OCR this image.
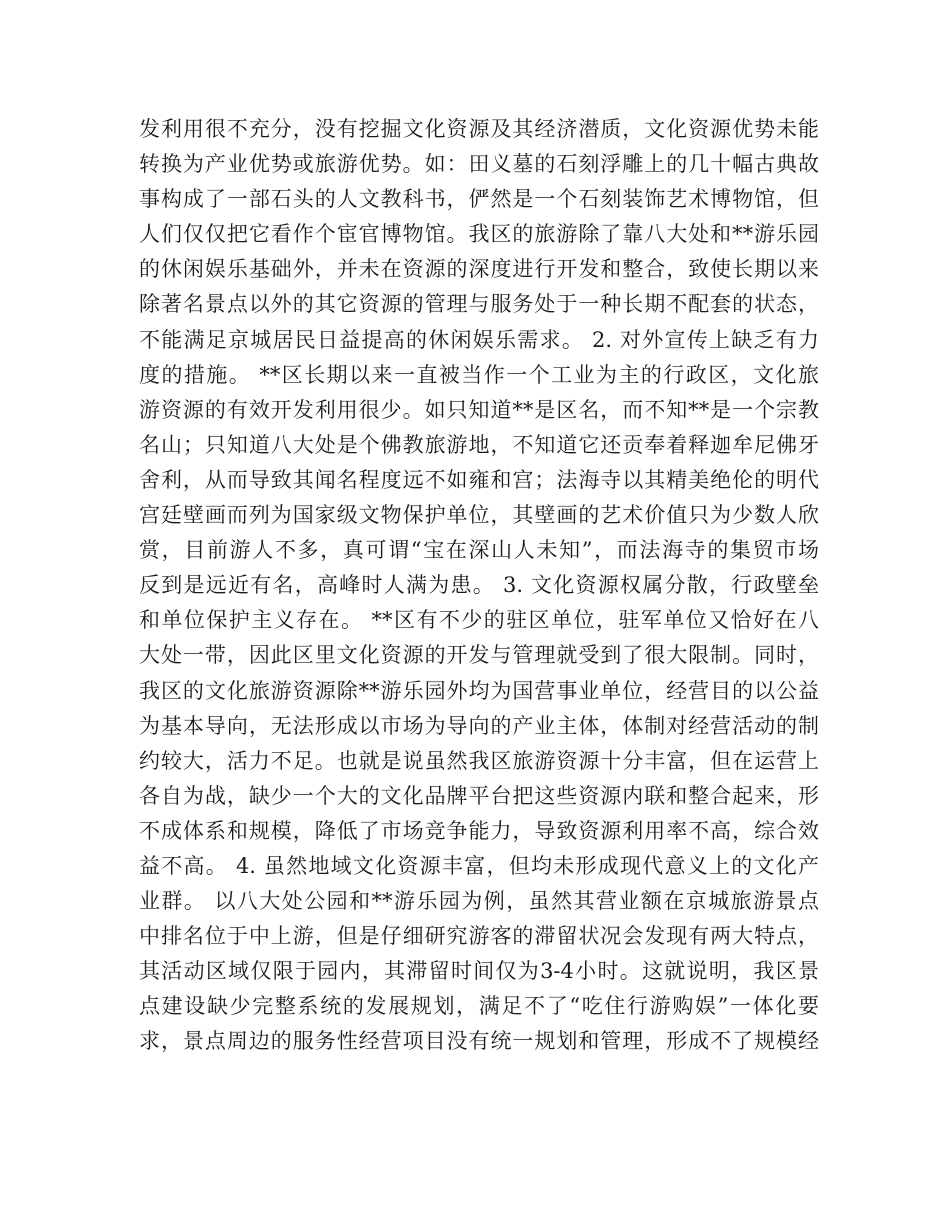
发利用很不充分，没有挖掘文化资源及其经济潜质，文化资源优势未能
转换为产业优势或旅游优势。如：田义墓的石刻浮雕上的几十幅古典故
事构成了一部石头的人文教科书，俨然是一个石刻装饰艺术博物馆，但
人们仅仅把它看作个宦官博物馆。我区的旅游除了靠八大处和**游乐园
的休闲娱乐基础外，并未在资源的深度进行开发和整合，致使长期以来
除著名景点以外的其它资源的管理与服务处于一种长期不配套的状态，
不能满足京城居民日益提高的休闲娱乐需求。 2. 对外宣传上缺乏有力
度的措施。 **区长期以来一直被当作一个工业为主的行政区，文化旅
游资源的有效开发利用很少。如只知道**是区名，而不知**是一个宗教
名山；只知道八大处是个佛教旅游地，不知道它还贡奉着释迦牟尼佛牙
舍利，从而导致其闻名程度远不如雍和宫；法海寺以其精美绝伦的明代
宫廷壁画而列为国家级文物保护单位，其壁画的艺术价值只为少数人欣
赏，目前游人不多，真可谓“宝在深山人未知”，而法海寺的集贸市场
反到是远近有名，高峰时人满为患。 3. 文化资源权属分散，行政壁垒
和单位保护主义存在。 **区有不少的驻区单位，驻军单位又恰好在八
大处一带，因此区里文化资源的开发与管理就受到了很大限制。同时，
我区的文化旅游资源除**游乐园外均为国营事业单位，经营目的以公益
为基本导向，无法形成以市场为导向的产业主体，体制对经营活动的制
约较大，活力不足。也就是说虽然我区旅游资源十分丰富，但在运营上
各自为战，缺少一个大的文化品牌平台把这些资源内联和整合起来，形
不成体系和规模，降低了市场竞争能力，导致资源利用率不高，综合效
益不高。 4. 虽然地域文化资源丰富，但均未形成现代意义上的文化产
业群。 以八大处公园和**游乐园为例，虽然其营业额在京城旅游景点
中排名位于中上游，但是仔细研究游客的滞留状况会发现有两大特点，
其活动区域仅限于园内，其滞留时间仅为3-4小时。这就说明，我区景
点建设缺少完整系统的发展规划，满足不了“吃住行游购娱”一体化要
求，景点周边的服务性经营项目没有统一规划和管理，形成不了规模经
